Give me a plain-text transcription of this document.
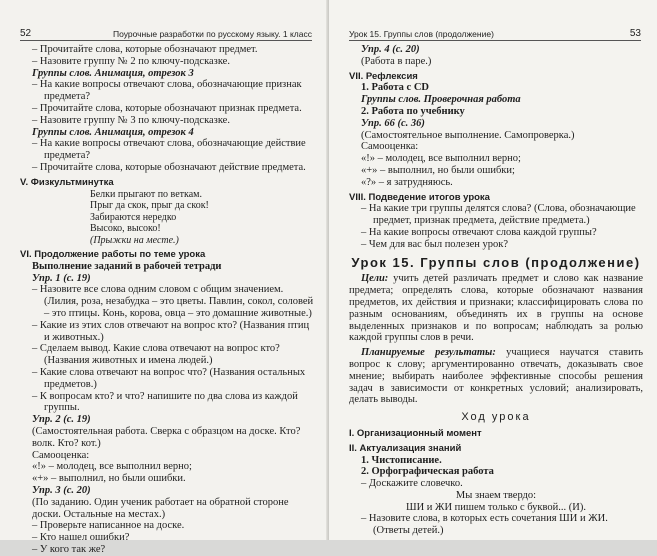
52	Поурочные разработки по русскому языку. 1 класс

– Прочитайте слова, которые обозначают предмет.

– Назовите группу № 2 по ключу-подсказке.

Группы слов. Анимация, отрезок 3

– На какие вопросы отвечают слова, обозначающие признак предмета?

– Прочитайте слова, которые обозначают признак предмета.

– Назовите группу № 3 по ключу-подсказке.

Группы слов. Анимация, отрезок 4

– На какие вопросы отвечают слова, обозначающие действие предмета?

– Прочитайте слова, которые обозначают действие предмета.

V. Физкультминутка

Белки прыгают по веткам.

Прыг да скок, прыг да скок!

Забираются нередко

Высоко, высоко!

(Прыжки на месте.)

VI. Продолжение работы по теме урока

Выполнение заданий в рабочей тетради

Упр. 1 (с. 19)

– Назовите все слова одним словом с общим значением. (Лилия, роза, незабудка – это цветы. Павлин, сокол, соловей – это птицы. Конь, корова, овца – это домашние животные.)

– Какие из этих слов отвечают на вопрос кто? (Названия птиц и животных.)

– Сделаем вывод. Какие слова отвечают на вопрос кто? (Названия животных и имена людей.)

– Какие слова отвечают на вопрос что? (Названия остальных предметов.)

– К вопросам кто? и что? напишите по два слова из каждой группы.

Упр. 2 (с. 19)

(Самостоятельная работа. Сверка с образцом на доске. Кто? волк. Кто? кот.)

Самооценка:

«!» – молодец, все выполнил верно;

«+» – выполнил, но были ошибки.

Упр. 3 (с. 20)

(По заданию. Один ученик работает на обратной стороне доски. Остальные на местах.)

– Проверьте написанное на доске.

– Кто нашел ошибки?

– У кого так же?

Урок 15. Группы слов (продолжение)	53

Упр. 4 (с. 20)

(Работа в паре.)

VII. Рефлексия

1. Работа с CD

Группы слов. Проверочная работа

2. Работа по учебнику

Упр. 66 (с. 36)

(Самостоятельное выполнение. Самопроверка.)

Самооценка:

«!» – молодец, все выполнил верно;

«+» – выполнил, но были ошибки;

«?» – я затрудняюсь.

VIII. Подведение итогов урока

– На какие три группы делятся слова? (Слова, обозначающие предмет, признак предмета, действие предмета.)

– На какие вопросы отвечают слова каждой группы?

– Чем для вас был полезен урок?

Урок 15. Группы слов (продолжение)

Цели: учить детей различать предмет и слово как название предмета; определять слова, которые обозначают названия предметов, их действия и признаки; классифицировать слова по разным основаниям, объединять их в группы на основе выделенных признаков и по вопросам; наблюдать за ролью каждой группы слов в речи.

Планируемые результаты: учащиеся научатся ставить вопрос к слову; аргументированно отвечать, доказывать свое мнение; выбирать наиболее эффективные способы решения задач в зависимости от конкретных условий; анализировать, делать выводы.

Ход урока

I. Организационный момент

II. Актуализация знаний

1. Чистописание.

2. Орфографическая работа

– Доскажите словечко.

Мы знаем твердо:

ШИ и ЖИ пишем только с буквой... (И).

– Назовите слова, в которых есть сочетания ШИ и ЖИ. (Ответы детей.)
